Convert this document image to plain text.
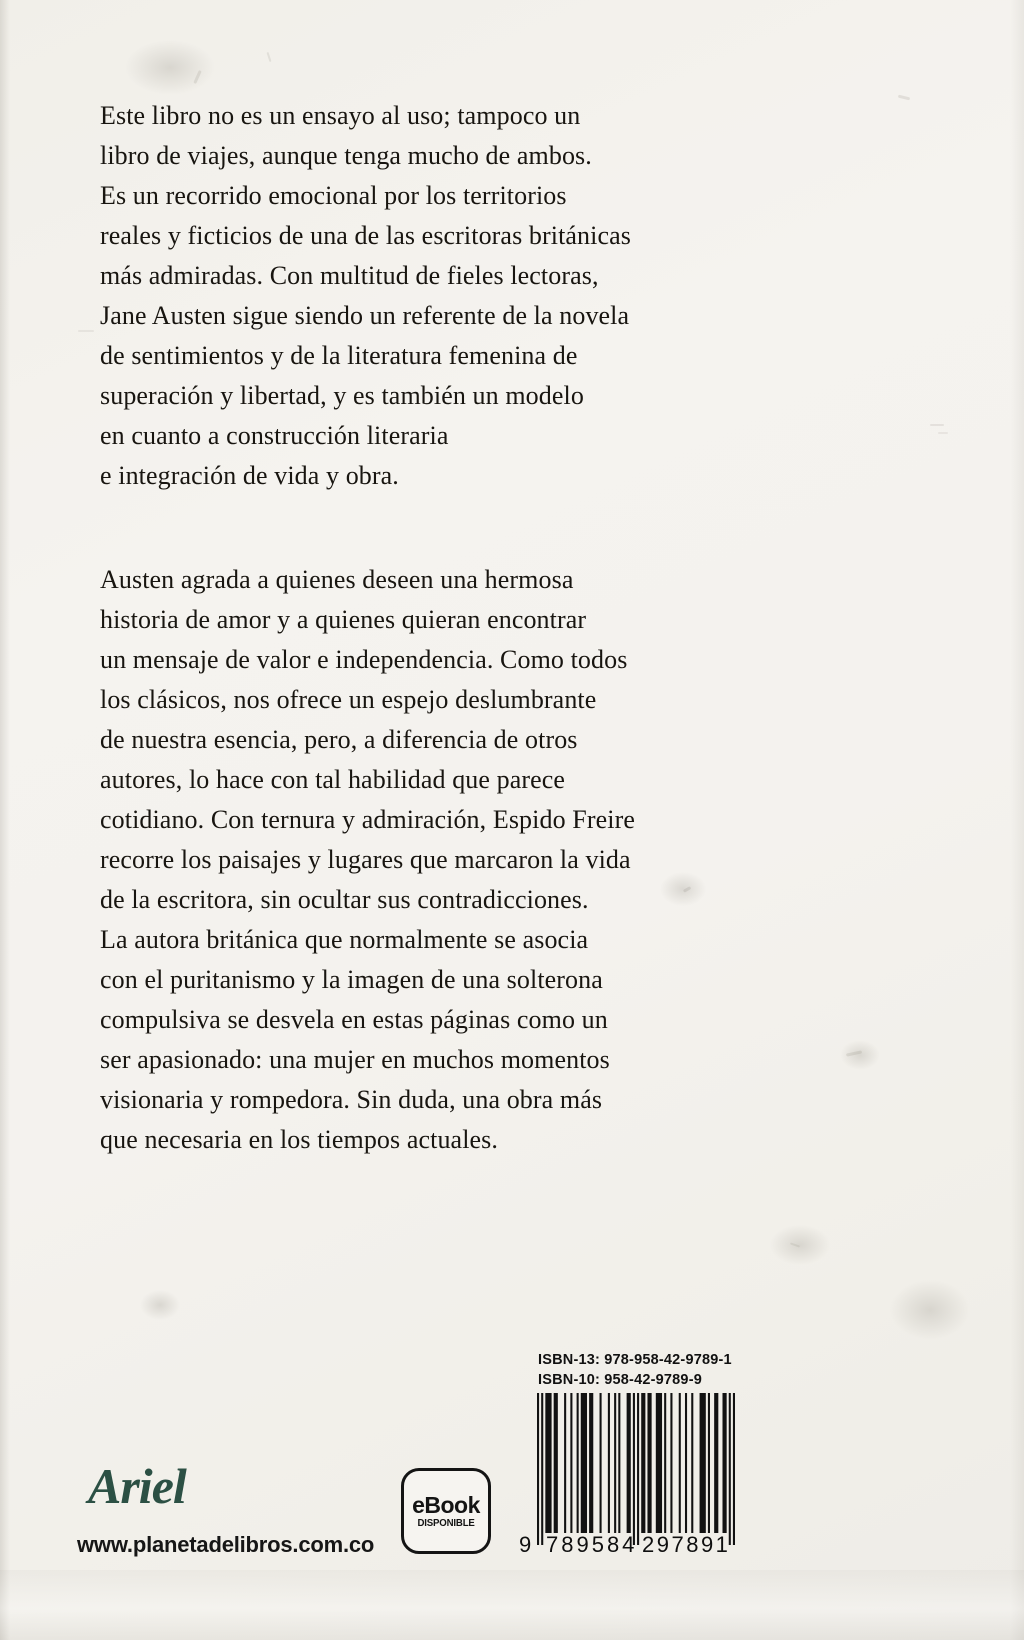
Este libro no es un ensayo al uso; tampoco un
libro de viajes, aunque tenga mucho de ambos.
Es un recorrido emocional por los territorios
reales y ficticios de una de las escritoras británicas
más admiradas. Con multitud de fieles lectoras,
Jane Austen sigue siendo un referente de la novela
de sentimientos y de la literatura femenina de
superación y libertad, y es también un modelo
en cuanto a construcción literaria
e integración de vida y obra.
Austen agrada a quienes deseen una hermosa
historia de amor y a quienes quieran encontrar
un mensaje de valor e independencia. Como todos
los clásicos, nos ofrece un espejo deslumbrante
de nuestra esencia, pero, a diferencia de otros
autores, lo hace con tal habilidad que parece
cotidiano. Con ternura y admiración, Espido Freire
recorre los paisajes y lugares que marcaron la vida
de la escritora, sin ocultar sus contradicciones.
La autora británica que normalmente se asocia
con el puritanismo y la imagen de una solterona
compulsiva se desvela en estas páginas como un
ser apasionado: una mujer en muchos momentos
visionaria y rompedora. Sin duda, una obra más
que necesaria en los tiempos actuales.
ISBN-13: 978-958-42-9789-1
ISBN-10: 958-42-9789-9
9 789584 297891
eBook
DISPONIBLE
Ariel
www.planetadelibros.com.co
